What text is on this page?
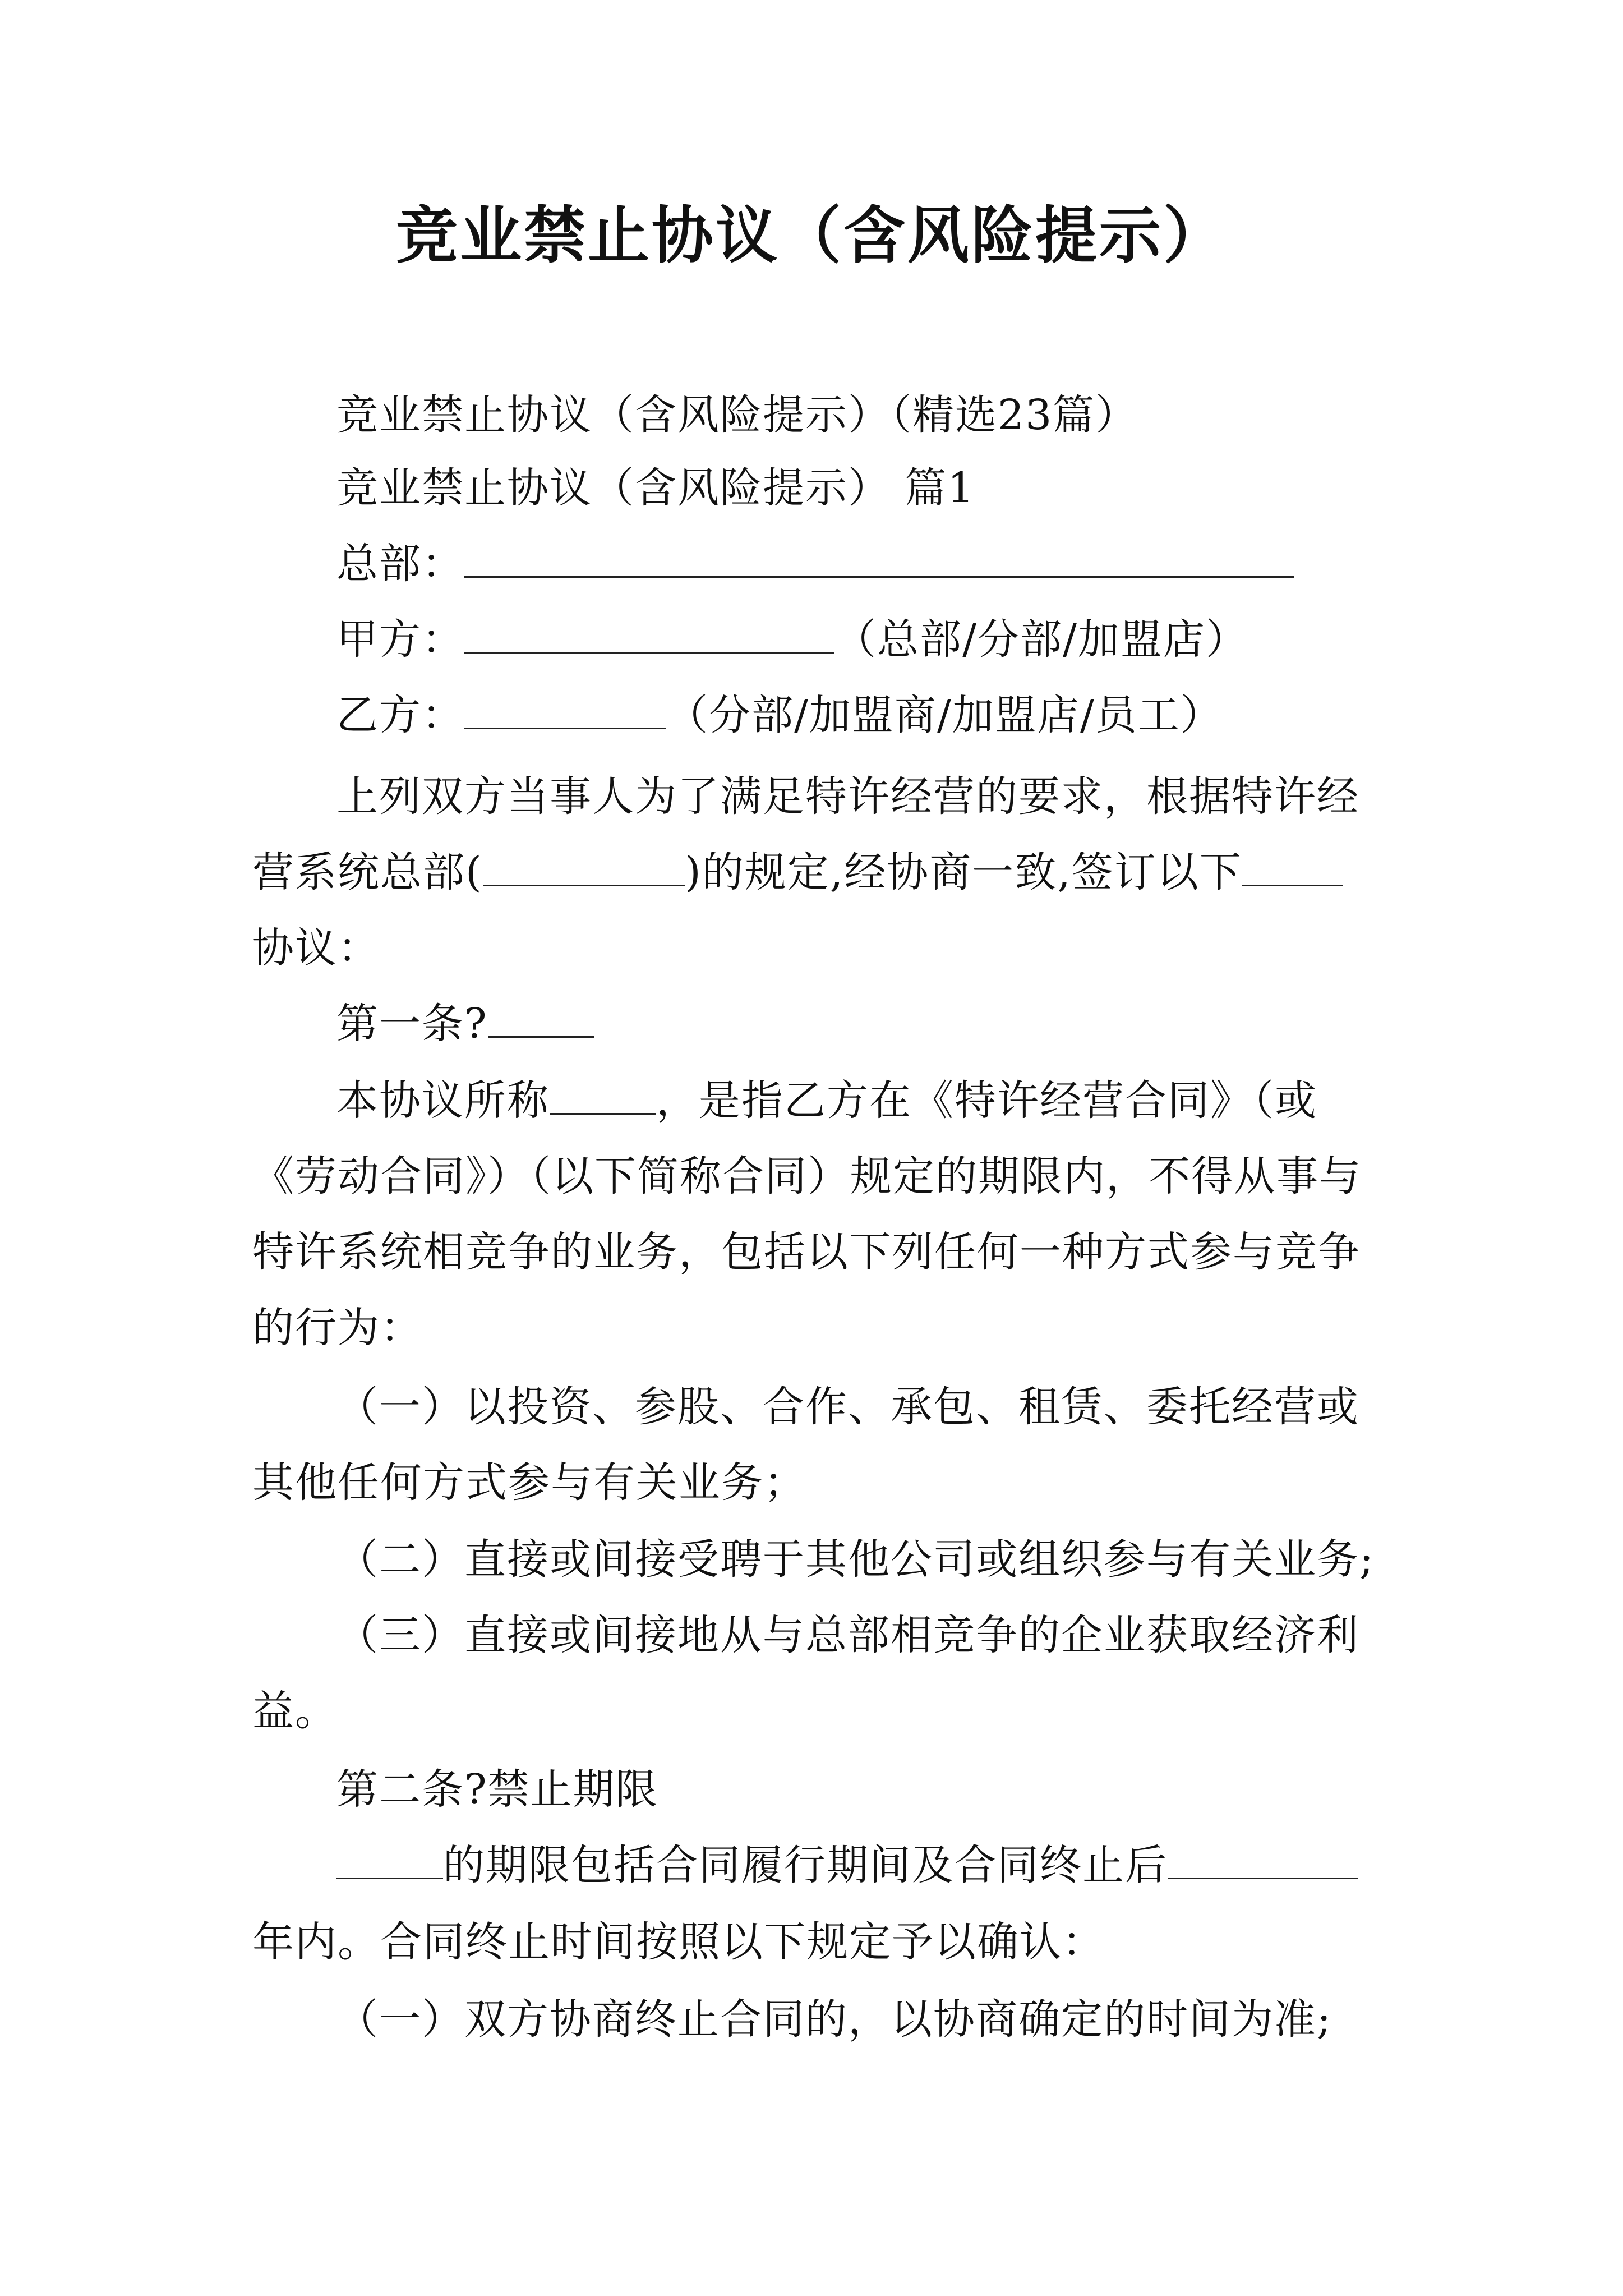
竞业禁止协议（含风险提示）
竞业禁止协议（含风险提示）（精选23篇）
竞业禁止协议（含风险提示） 篇1
总部：
甲方：	（总部/分部/加盟店）
乙方：	（分部/加盟商/加盟店/员工）
上列双方当事人为了满足特许经营的要求，根据特许经
营系统总部(	)的规定,经协商一致,签订以下
协议：
第一条?
本协议所称	，是指乙方在《特许经营合同》（或
《劳动合同》）（以下简称合同）规定的期限内，不得从事与
特许系统相竞争的业务，包括以下列任何一种方式参与竞争
的行为：
（一）以投资、参股、合作、承包、租赁、委托经营或
其他任何方式参与有关业务；
（二）直接或间接受聘于其他公司或组织参与有关业务;
（三）直接或间接地从与总部相竞争的企业获取经济利
益。
第二条?禁止期限
的期限包括合同履行期间及合同终止后
年内。合同终止时间按照以下规定予以确认：
（一）双方协商终止合同的，以协商确定的时间为准;
